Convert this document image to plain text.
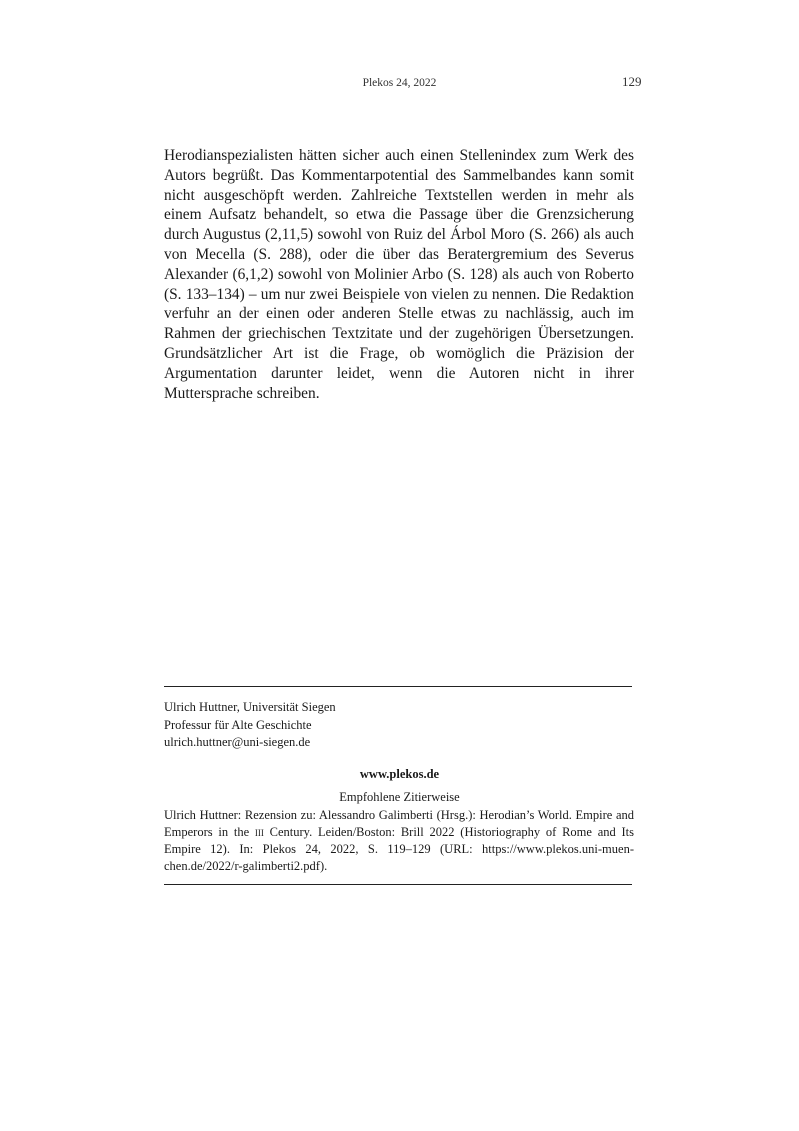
Plekos 24, 2022	129

Herodianspezialisten hätten sicher auch einen Stellenindex zum Werk des Autors begrüßt. Das Kommentarpotential des Sammelbandes kann somit nicht ausgeschöpft werden. Zahlreiche Textstellen werden in mehr als einem Aufsatz behandelt, so etwa die Passage über die Grenzsicherung durch Augustus (2,11,5) sowohl von Ruiz del Árbol Moro (S. 266) als auch von Mecella (S. 288), oder die über das Beratergremium des Severus Alexander (6,1,2) sowohl von Molinier Arbo (S. 128) als auch von Roberto (S. 133–134) – um nur zwei Beispiele von vielen zu nennen. Die Redaktion verfuhr an der einen oder anderen Stelle etwas zu nachlässig, auch im Rahmen der griechischen Textzitate und der zugehörigen Übersetzungen. Grundsätzlicher Art ist die Frage, ob womöglich die Präzision der Argumentation darunter leidet, wenn die Autoren nicht in ihrer Muttersprache schreiben.

Ulrich Huttner, Universität Siegen
Professur für Alte Geschichte
ulrich.huttner@uni-siegen.de
www.plekos.de
Empfohlene Zitierweise

Ulrich Huttner: Rezension zu: Alessandro Galimberti (Hrsg.): Herodian’s World. Empire and Emperors in the iii Century. Leiden/Boston: Brill 2022 (Historiography of Rome and Its Empire 12). In: Plekos 24, 2022, S. 119–129 (URL: https://www.plekos.uni-muenchen.de/2022/r-galimberti2.pdf).
